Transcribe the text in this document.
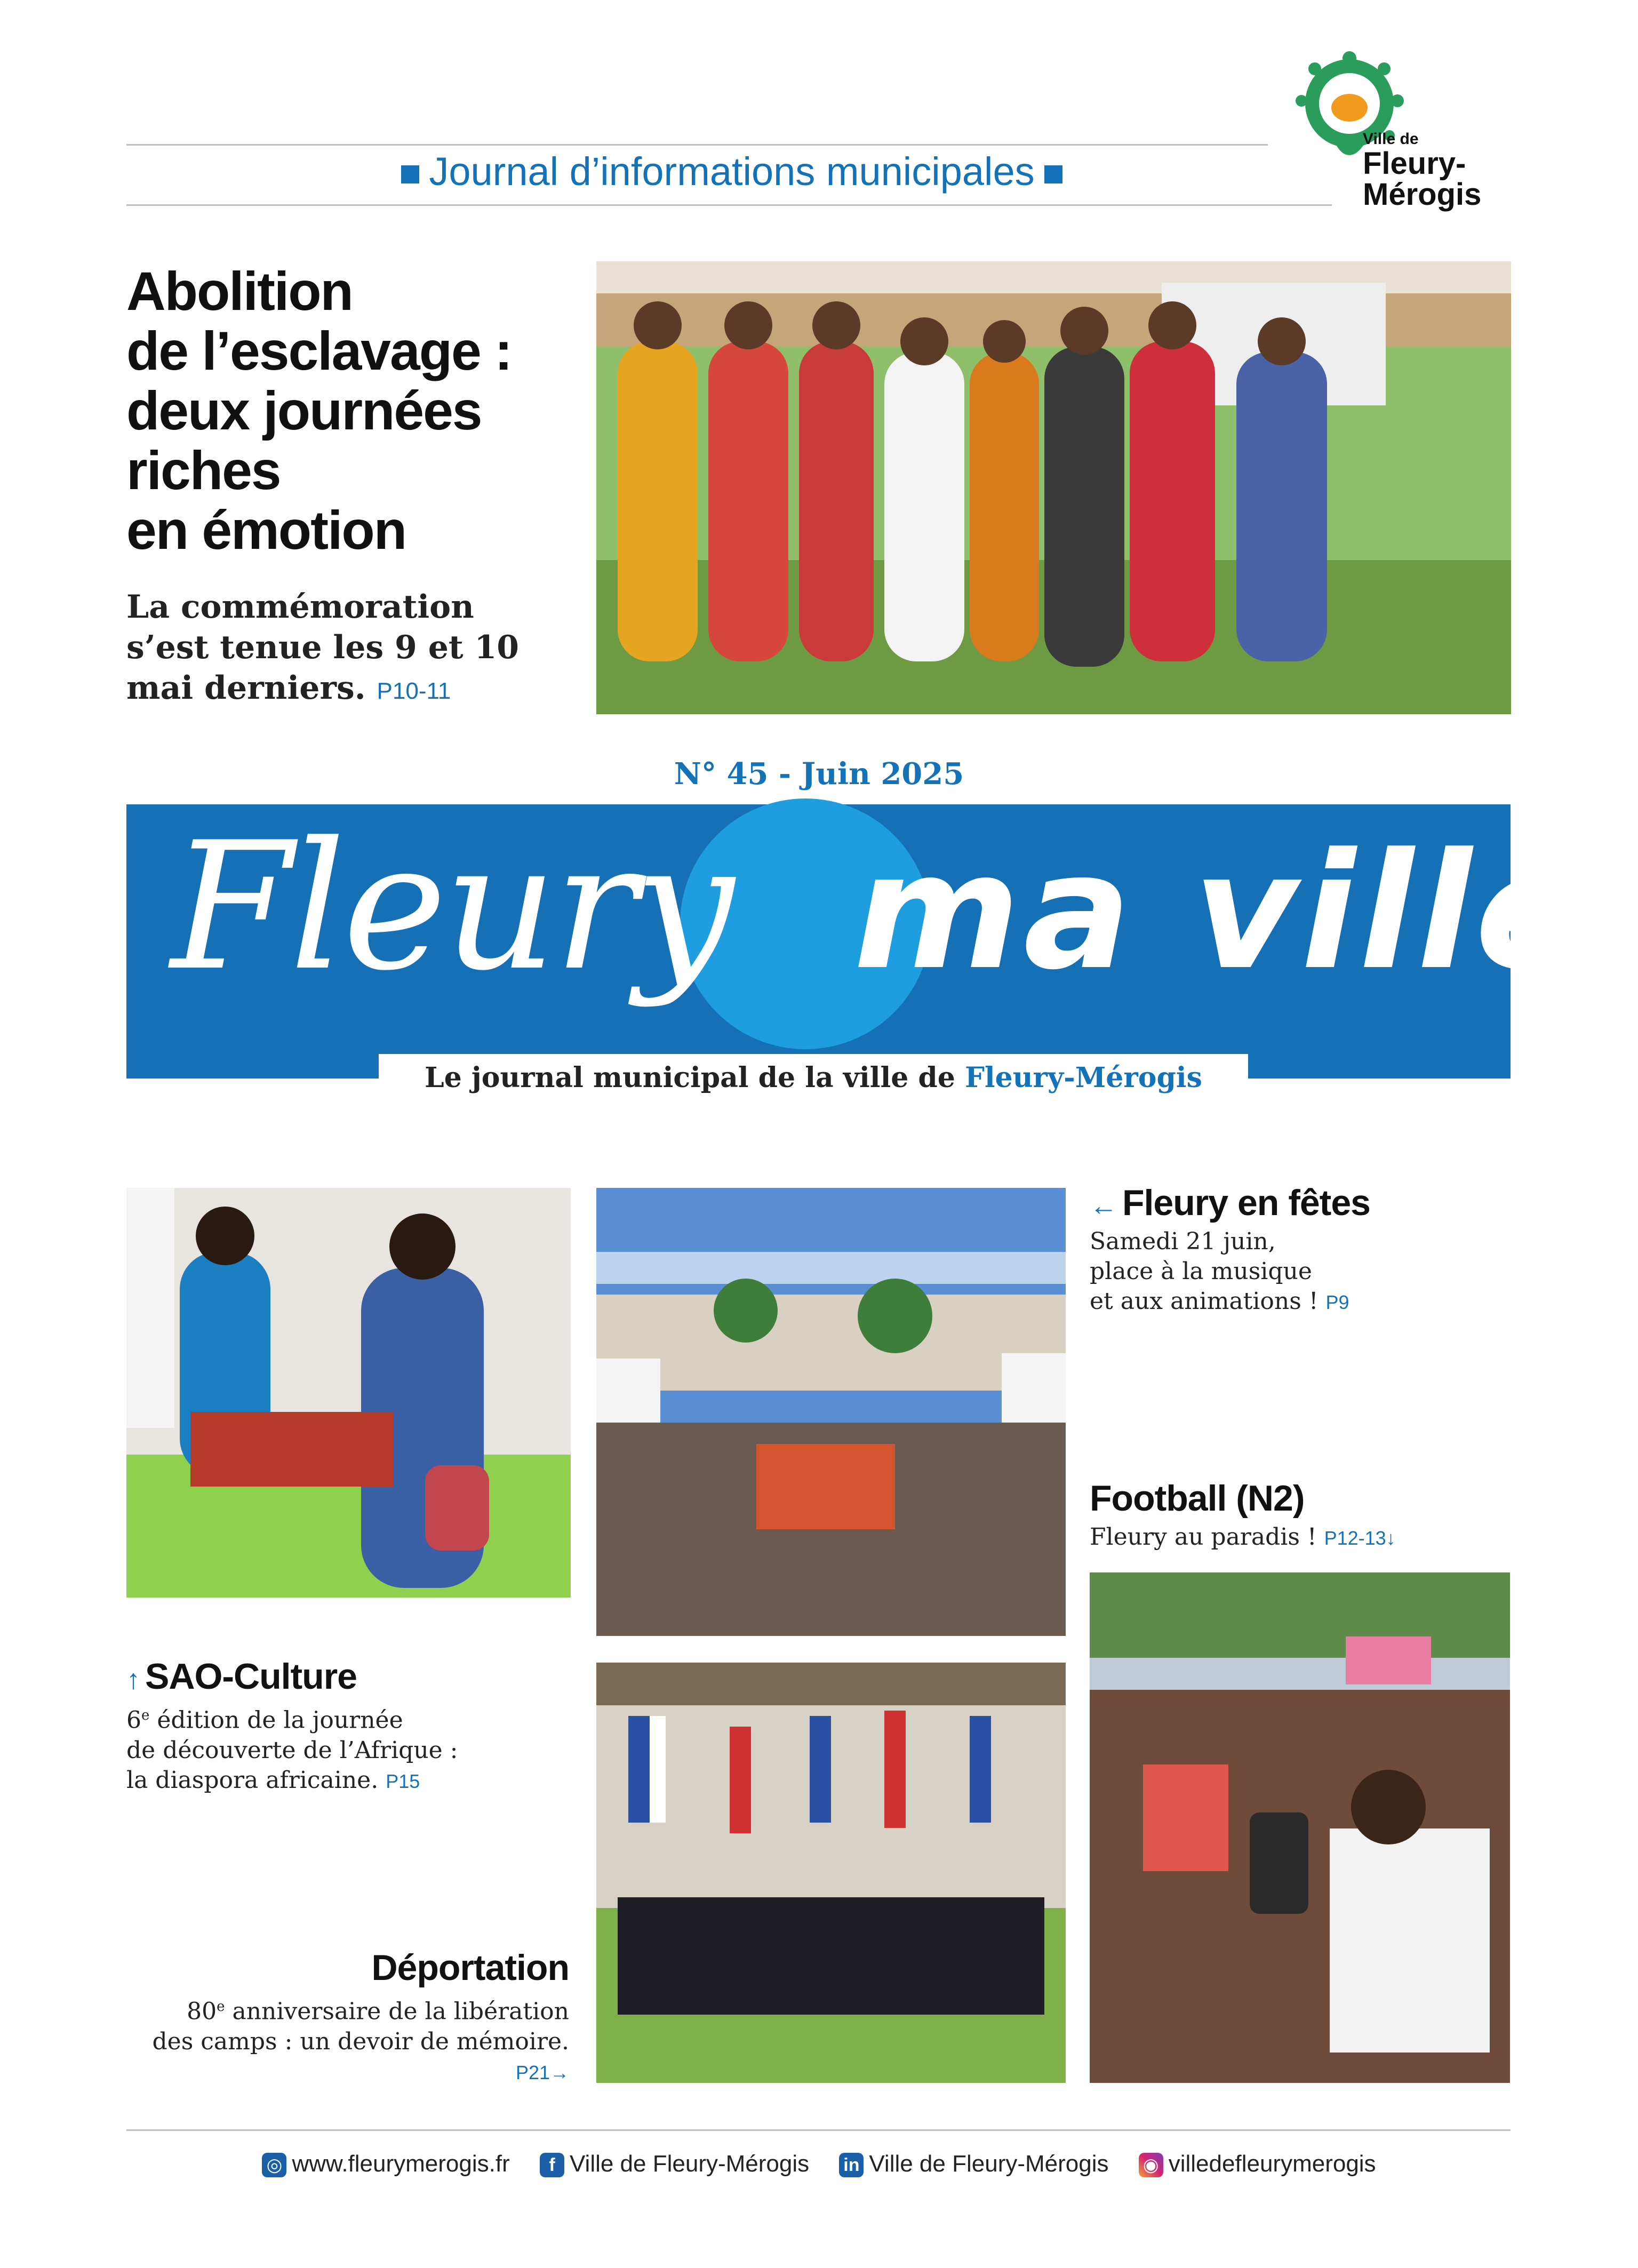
Ville de
Fleury-
Mérogis
Journal d’informations municipales
Abolition
de l’esclavage :
deux journées
riches
en émotion
La commémoration
s’est tenue les 9 et 10
mai derniers. P10-11
N° 45 - Juin 2025
Fleury ma ville
Le journal municipal de la ville de Fleury-Mérogis
← Fleury en fêtes
Samedi 21 juin,
place à la musique
et aux animations ! P9
Football (N2)
Fleury au paradis ! P12-13↓
↑ SAO-Culture
6e édition de la journée
de découverte de l’Afrique :
la diaspora africaine. P15
Déportation
80e anniversaire de la libération
des camps : un devoir de mémoire.
P21→
◎ www.fleurymerogis.fr f Ville de Fleury-Mérogis in Ville de Fleury-Mérogis ◉ villedefleurymerogis
